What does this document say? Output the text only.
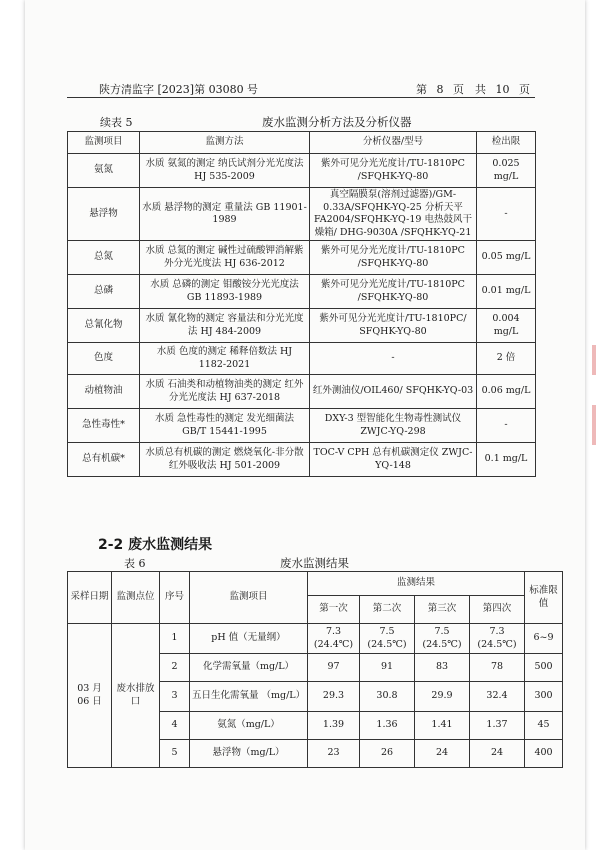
陕方清监字 [2023]第 03080 号	第 8 页　共 10 页
续表 5	废水监测分析方法及分析仪器
监测项目	监测方法	分析仪器/型号	检出限
氨氮	水质 氨氮的测定 纳氏试剂分光光度法 HJ 535-2009	紫外可见分光光度计/TU-1810PC /SFQHK-YQ-80	0.025 mg/L
悬浮物	水质 悬浮物的测定 重量法 GB 11901-1989	真空隔膜泵(溶剂过滤器)/GM-0.33A/SFQHK-YQ-25 分析天平 FA2004/SFQHK-YQ-19 电热鼓风干燥箱/ DHG-9030A /SFQHK-YQ-21	-
总氮	水质 总氮的测定 碱性过硫酸钾消解紫外分光光度法 HJ 636-2012	紫外可见分光光度计/TU-1810PC /SFQHK-YQ-80	0.05 mg/L
总磷	水质 总磷的测定 钼酸铵分光光度法 GB 11893-1989	紫外可见分光光度计/TU-1810PC /SFQHK-YQ-80	0.01 mg/L
总氰化物	水质 氰化物的测定 容量法和分光光度法 HJ 484-2009	紫外可见分光光度计/TU-1810PC/ SFQHK-YQ-80	0.004 mg/L
色度	水质 色度的测定 稀释倍数法 HJ 1182-2021	-	2 倍
动植物油	水质 石油类和动植物油类的测定 红外分光光度法 HJ 637-2018	红外测油仪/OIL460/ SFQHK-YQ-03	0.06 mg/L
急性毒性*	水质 急性毒性的测定 发光细菌法 GB/T 15441-1995	DXY-3 型智能化生物毒性测试仪 ZWJC-YQ-298	-
总有机碳*	水质总有机碳的测定 燃烧氧化-非分散红外吸收法 HJ 501-2009	TOC-V CPH 总有机碳测定仪 ZWJC-YQ-148	0.1 mg/L
2-2 废水监测结果
表 6	废水监测结果
采样日期	监测点位	序号	监测项目	监测结果				标准限值
				第一次	第二次	第三次	第四次	
03 月 06 日	废水排放口	1	pH 值（无量纲）	7.3 (24.4℃)	7.5 (24.5℃)	7.5 (24.5℃)	7.3 (24.5℃)	6~9
		2	化学需氧量（mg/L）	97	91	83	78	500
		3	五日生化需氧量 （mg/L）	29.3	30.8	29.9	32.4	300
		4	氨氮（mg/L）	1.39	1.36	1.41	1.37	45
		5	悬浮物（mg/L）	23	26	24	24	400
